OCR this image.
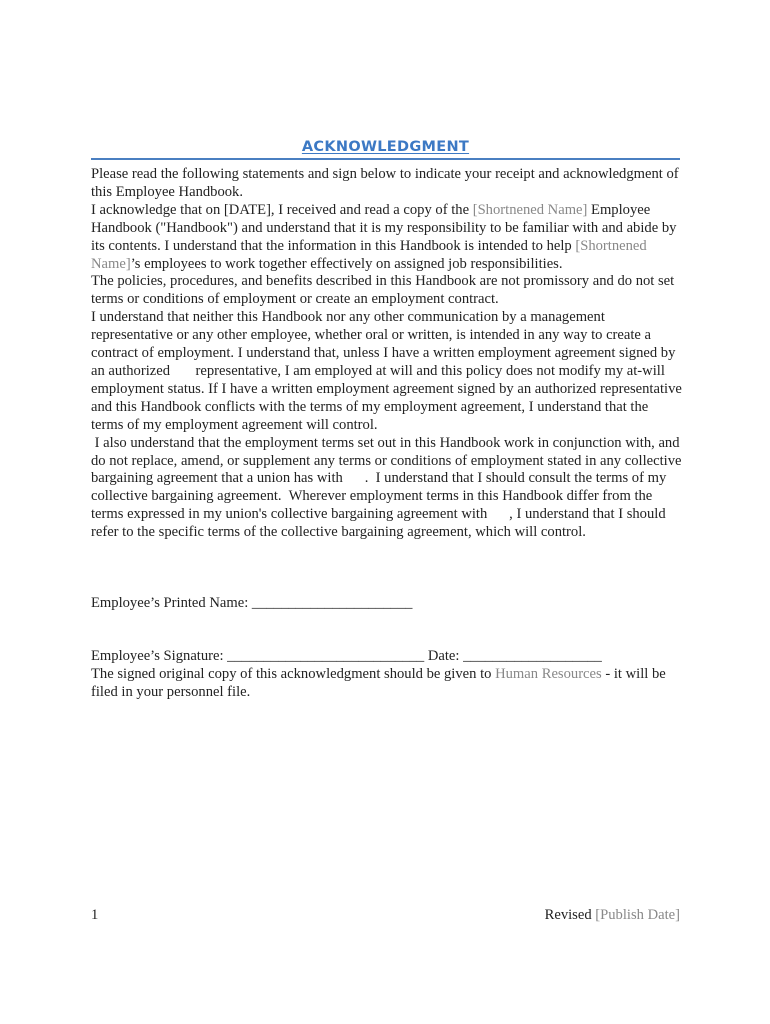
ACKNOWLEDGMENT

Please read the following statements and sign below to indicate your receipt and acknowledgment of this Employee Handbook.

I acknowledge that on [DATE], I received and read a copy of the [Shortnened Name] Employee Handbook ("Handbook") and understand that it is my responsibility to be familiar with and abide by its contents. I understand that the information in this Handbook is intended to help [Shortnened Name]’s employees to work together effectively on assigned job responsibilities.

The policies, procedures, and benefits described in this Handbook are not promissory and do not set terms or conditions of employment or create an employment contract.

I understand that neither this Handbook nor any other communication by a management representative or any other employee, whether oral or written, is intended in any way to create a contract of employment. I understand that, unless I have a written employment agreement signed by an authorized       representative, I am employed at will and this policy does not modify my at-will employment status. If I have a written employment agreement signed by an authorized representative and this Handbook conflicts with the terms of my employment agreement, I understand that the terms of my employment agreement will control.

I also understand that the employment terms set out in this Handbook work in conjunction with, and do not replace, amend, or supplement any terms or conditions of employment stated in any collective bargaining agreement that a union has with      .  I understand that I should consult the terms of my collective bargaining agreement.  Wherever employment terms in this Handbook differ from the terms expressed in my union's collective bargaining agreement with      , I understand that I should refer to the specific terms of the collective bargaining agreement, which will control.

Employee’s Printed Name: ______________________
Employee’s Signature: ___________________________ Date: ___________________
The signed original copy of this acknowledgment should be given to Human Resources - it will be filed in your personnel file.
1	Revised [Publish Date]
